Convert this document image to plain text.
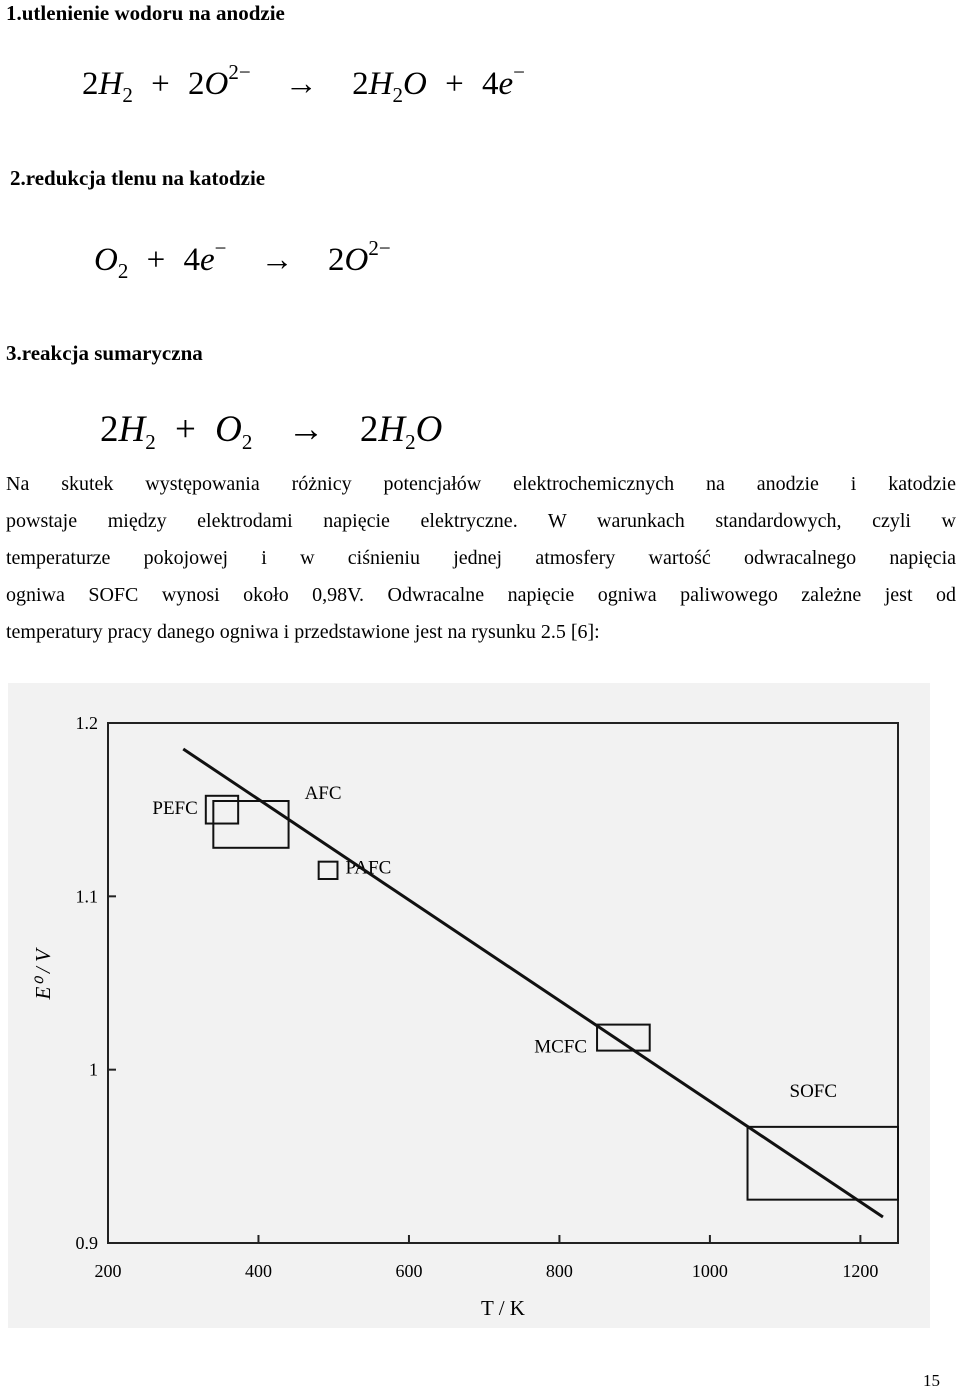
1.utlenienie wodoru na anodzie
$2H_2 + 2O^{2-} \to 2H_2O + 4e^-$
2.redukcja tlenu na katodzie
$O_2 + 4e^- \to 2O^{2-}$
3.reakcja sumaryczna
$2H_2 + O_2 \to 2H_2O$
Na skutek występowania różnicy potencjałów elektrochemicznych na anodzie i katodzie
powstaje między elektrodami napięcie elektryczne. W warunkach standardowych, czyli w
temperaturze pokojowej i w ciśnieniu jednej atmosfery wartość odwracalnego napięcia
ogniwa SOFC wynosi około 0,98V. Odwracalne napięcie ogniwa paliwowego zależne jest od
temperatury pracy danego ogniwa i przedstawione jest na rysunku 2.5 [6]:
200	400	600	800	1000	1200
0.9
1
1.1
1.2
PEFC
AFC
PAFC
MCFC
SOFC
T / K
E⁰ / V
15
